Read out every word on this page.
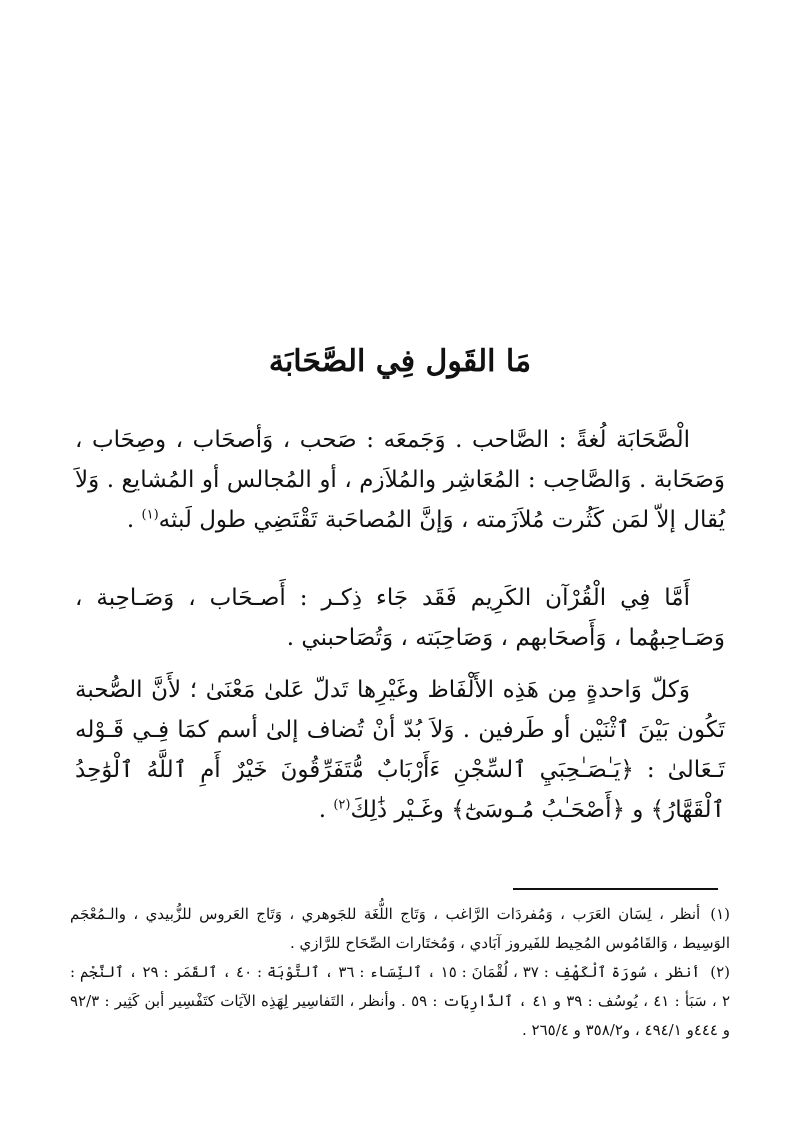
مَا القَول فِي الصَّحَابَة
الْصَّحَابَة لُغةً : الصَّاحب . وَجَمعَه : صَحب ، وَأصحَاب ، وصِحَاب ، وَصَحَابة . وَالصَّاحِب : المُعَاشِر والمُلاَزم ، أو المُجالس أو المُشايع . وَلاَ يُقال إلاّ لمَن كَثُرت مُلاَزَمته ، وَإنَّ المُصاحَبة تَقْتَضِي طول لَبثه$^{(١)}$ .
أَمَّا فِي الْقُرْآن الكَرِيم فَقَد جَاء ذِكـر : أَصـحَاب ، وَصَـاحِبة ، وَصَـاحِبهُما ، وَأَصحَابهم ، وَصَاحِبَته ، وَتُصَاحبني .
وَكلّ وَاحدةٍ مِن هَذِه الأَلْفَاظ وغَيْرِها تَدلّ عَلىٰ مَعْنَىٰ ؛ لأَنَّ الصُّحبة تَكُون بَيْنَ ٱثْنَيْن أو طَرفين . وَلاَ بُدّ أنْ تُضاف إلىٰ أسم كمَا فِـي قَـوْله تَـعَالىٰ : ﴿يَـٰصَـٰحِبَيِ ٱلسِّجْنِ ءَأَرْبَابٌ مُّتَفَرِّقُونَ خَيْرٌ أَمِ ٱللَّهُ ٱلْوَٰحِدُ ٱلْقَهَّارُ﴾ و ﴿أَصْحَـٰبُ مُـوسَىٰٓ﴾ وغَـيْر ذَٰلِكَ$^{(٢)}$ .

(١)أنظر ، لِسَان العَرَب ، وَمُفردَات الرَّاغب ، وَتَاج اللُّغَة للجَوهري ، وَتَاج العَروس للزُّبيدي ، والـمُعْجَم الوَسِيط ، وَالقَامُوس المُحِيط للفَيروز آبَادي ، وَمُختَارات الصِّحَاح للرَّازي .

(٢)أنظر ، سُورَة ٱلْكَهْفِ : ٣٧ ، لُقْمَانَ : ١٥ ، ٱلنِّسَاء : ٣٦ ، ٱلتَّوْبَة : ٤٠ ، ٱلقَمَر : ٢٩ ، ٱلنَّجْم : ٢ ، سَبَأ : ٤١ ، يُوسُف : ٣٩ و ٤١ ، ٱلذَّارِيَات : ٥٩ . وأنظر ، التَفاسِير لِهَذِه الآيَات كتَفْسِير أبن كَثِير : ٩٢/٣ و ٤٤٤و ٤٩٤/١ ، و٣٥٨/٢ و ٢٦٥/٤ .
